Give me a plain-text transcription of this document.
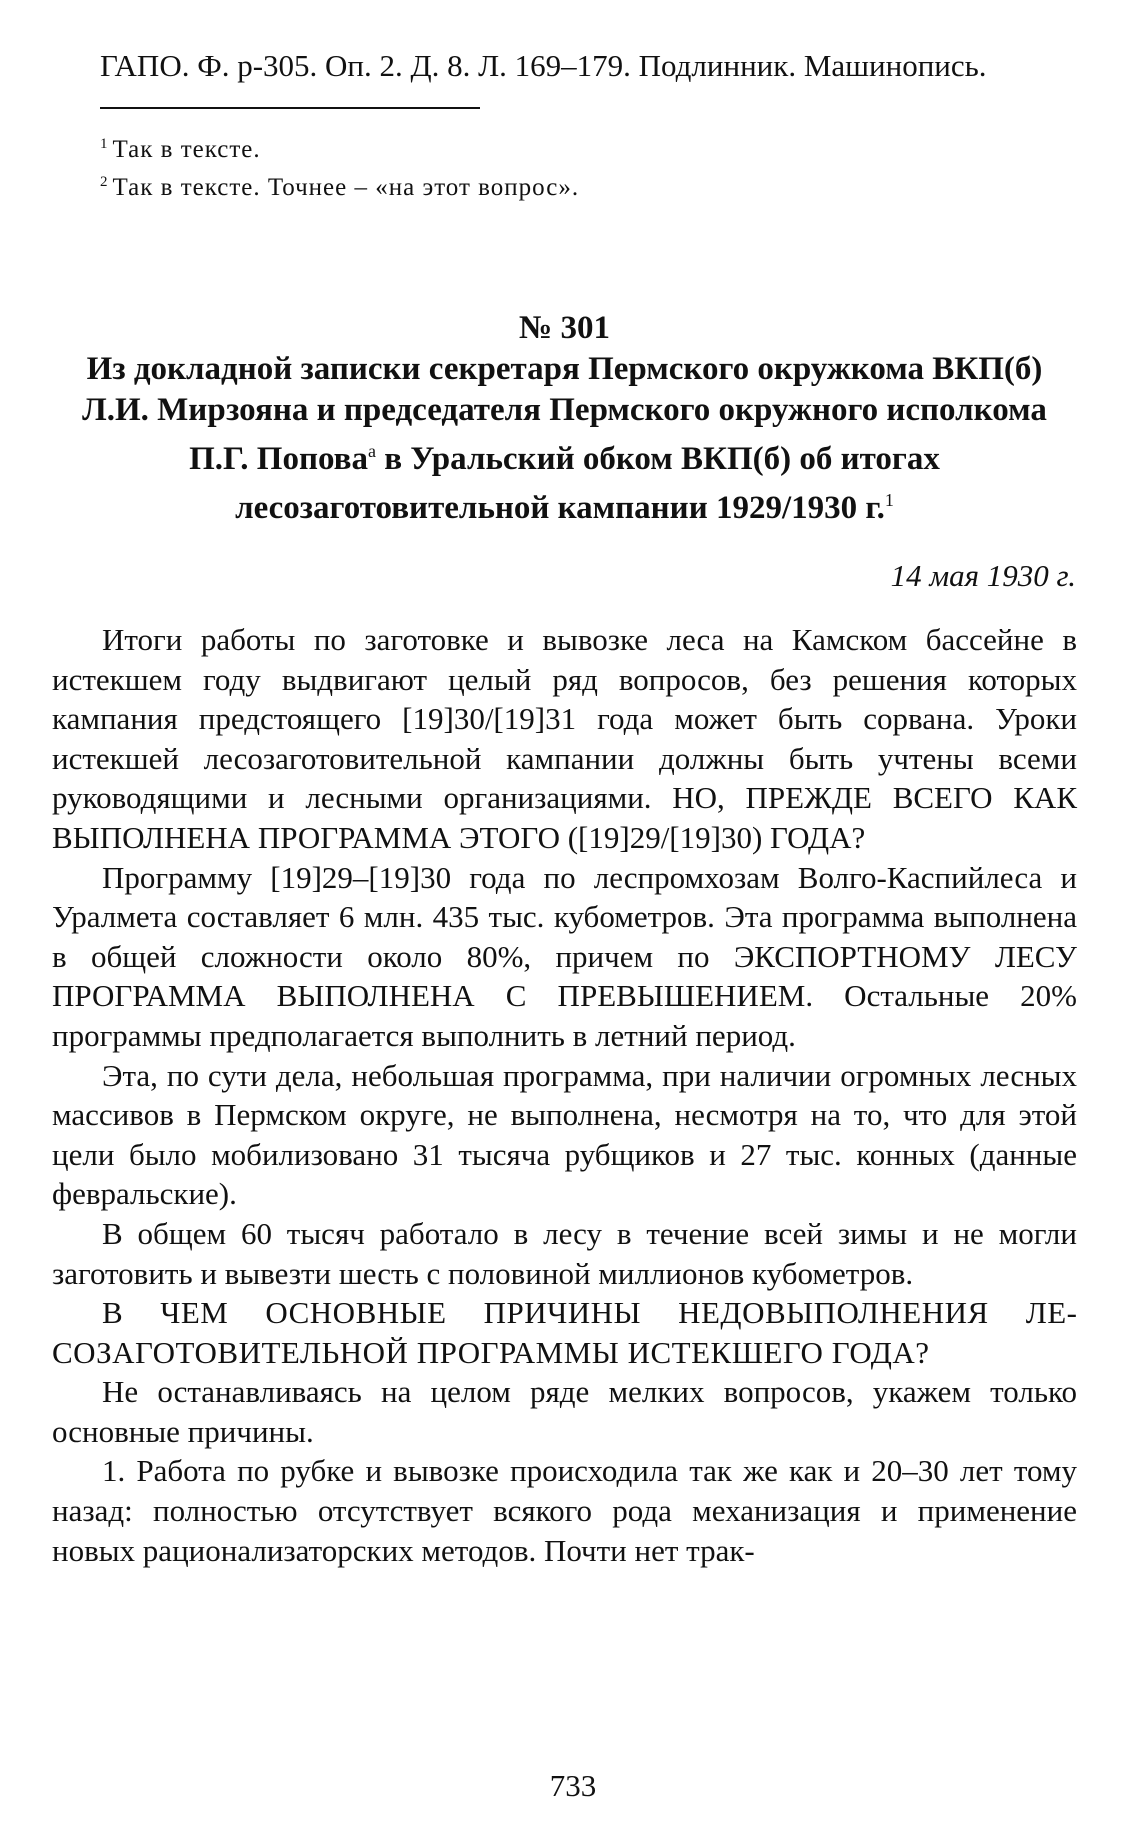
ГАПО. Ф. р-305. Оп. 2. Д. 8. Л. 169–179. Подлинник. Машинопись.
$^1$ Так в тексте.
$^2$ Так в тексте. Точнее – «на этот вопрос».
№ 301
Из докладной записки секретаря Пермского окружкома ВКП(б)
Л.И. Мирзояна и председателя Пермского окружного исполкома
П.Г. Попова$^а$ в Уральский обком ВКП(б) об итогах
лесозаготовительной кампании 1929/1930 г.$^1$
14 мая 1930 г.

Итоги работы по заготовке и вывозке леса на Камском бассейне в истекшем году выдвигают целый ряд вопросов, без решения которых кампания предстоящего [19]30/[19]31 года может быть сорвана. Уроки истекшей лесозаготовительной кампании должны быть учтены всеми руководящими и лесными организациями. НО, ПРЕЖДЕ ВСЕГО КАК ВЫПОЛНЕНА ПРОГРАММА ЭТОГО ([19]29/[19]30) ГОДА?

Программу [19]29–[19]30 года по леспромхозам Волго-Каспийлеса и Уралмета составляет 6 млн. 435 тыс. кубометров. Эта программа выполнена в общей сложности около 80%, причем по ЭКСПОРТНОМУ ЛЕСУ ПРОГРАММА ВЫПОЛНЕНА С ПРЕВЫШЕНИЕМ. Остальные 20% программы предполагается выполнить в летний период.

Эта, по сути дела, небольшая программа, при наличии огромных лесных массивов в Пермском округе, не выполнена, несмотря на то, что для этой цели было мобилизовано 31 тысяча рубщиков и 27 тыс. конных (данные февральские).

В общем 60 тысяч работало в лесу в течение всей зимы и не могли заготовить и вывезти шесть с половиной миллионов кубометров.

В ЧЕМ ОСНОВНЫЕ ПРИЧИНЫ НЕДОВЫПОЛНЕНИЯ ЛЕСОЗАГОТОВИТЕЛЬНОЙ ПРОГРАММЫ ИСТЕКШЕГО ГОДА?

Не останавливаясь на целом ряде мелких вопросов, укажем только основные причины.

1. Работа по рубке и вывозке происходила так же как и 20–30 лет тому назад: полностью отсутствует всякого рода механизация и применение новых рационализаторских методов. Почти нет трак-

733
